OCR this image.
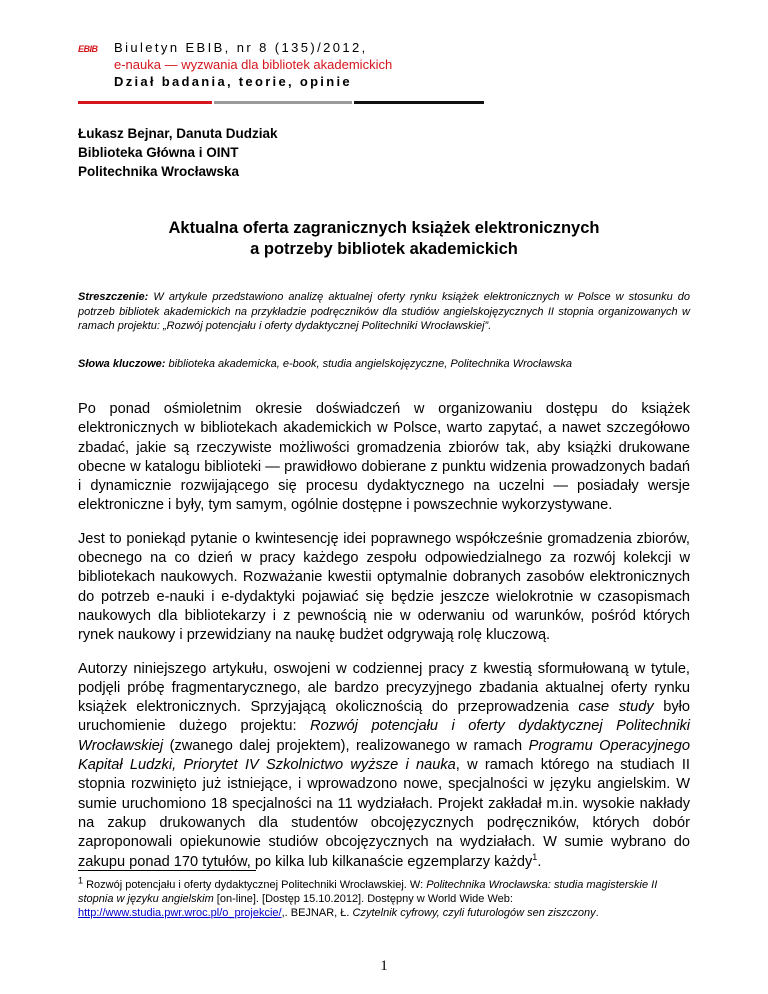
EBIB Biuletyn EBIB, nr 8 (135)/2012,
e-nauka — wyzwania dla bibliotek akademickich
Dział badania, teorie, opinie
Łukasz Bejnar, Danuta Dudziak
Biblioteka Główna i OINT
Politechnika Wrocławska
Aktualna oferta zagranicznych książek elektronicznych
a potrzeby bibliotek akademickich
Streszczenie: W artykule przedstawiono analizę aktualnej oferty rynku książek elektronicznych w Polsce w stosunku do potrzeb bibliotek akademickich na przykładzie podręczników dla studiów angielskojęzycznych II stopnia organizowanych w ramach projektu: „Rozwój potencjału i oferty dydaktycznej Politechniki Wrocławskiej”.
Słowa kluczowe: biblioteka akademicka, e-book, studia angielskojęzyczne, Politechnika Wrocławska

Po ponad ośmioletnim okresie doświadczeń w organizowaniu dostępu do książek elektronicznych w bibliotekach akademickich w Polsce, warto zapytać, a nawet szczegółowo zbadać, jakie są rzeczywiste możliwości gromadzenia zbiorów tak, aby książki drukowane obecne w katalogu biblioteki — prawidłowo dobierane z punktu widzenia prowadzonych badań i dynamicznie rozwijającego się procesu dydaktycznego na uczelni — posiadały wersje elektroniczne i były, tym samym, ogólnie dostępne i powszechnie wykorzystywane.

Jest to poniekąd pytanie o kwintesencję idei poprawnego współcześnie gromadzenia zbiorów, obecnego na co dzień w pracy każdego zespołu odpowiedzialnego za rozwój kolekcji w bibliotekach naukowych. Rozważanie kwestii optymalnie dobranych zasobów elektronicznych do potrzeb e-nauki i e-dydaktyki pojawiać się będzie jeszcze wielokrotnie w czasopismach naukowych dla bibliotekarzy i z pewnością nie w oderwaniu od warunków, pośród których rynek naukowy i przewidziany na naukę budżet odgrywają rolę kluczową.

Autorzy niniejszego artykułu, oswojeni w codziennej pracy z kwestią sformułowaną w tytule, podjęli próbę fragmentarycznego, ale bardzo precyzyjnego zbadania aktualnej oferty rynku książek elektronicznych. Sprzyjającą okolicznością do przeprowadzenia case study było uruchomienie dużego projektu: Rozwój potencjału i oferty dydaktycznej Politechniki Wrocławskiej (zwanego dalej projektem), realizowanego w ramach Programu Operacyjnego Kapitał Ludzki, Priorytet IV Szkolnictwo wyższe i nauka, w ramach którego na studiach II stopnia rozwinięto już istniejące, i wprowadzono nowe, specjalności w języku angielskim. W sumie uruchomiono 18 specjalności na 11 wydziałach. Projekt zakładał m.in. wysokie nakłady na zakup drukowanych dla studentów obcojęzycznych podręczników, których dobór zaproponowali opiekunowie studiów obcojęzycznych na wydziałach. W sumie wybrano do zakupu ponad 170 tytułów, po kilka lub kilkanaście egzemplarzy każdy$^1$.

$^1$ Rozwój potencjału i oferty dydaktycznej Politechniki Wrocławskiej. W: Politechnika Wrocławska: studia magisterskie II stopnia w języku angielskim [on-line]. [Dostęp 15.10.2012]. Dostępny w World Wide Web: http://www.studia.pwr.wroc.pl/o_projekcie/,. BEJNAR, Ł. Czytelnik cyfrowy, czyli futurologów sen ziszczony.
1
